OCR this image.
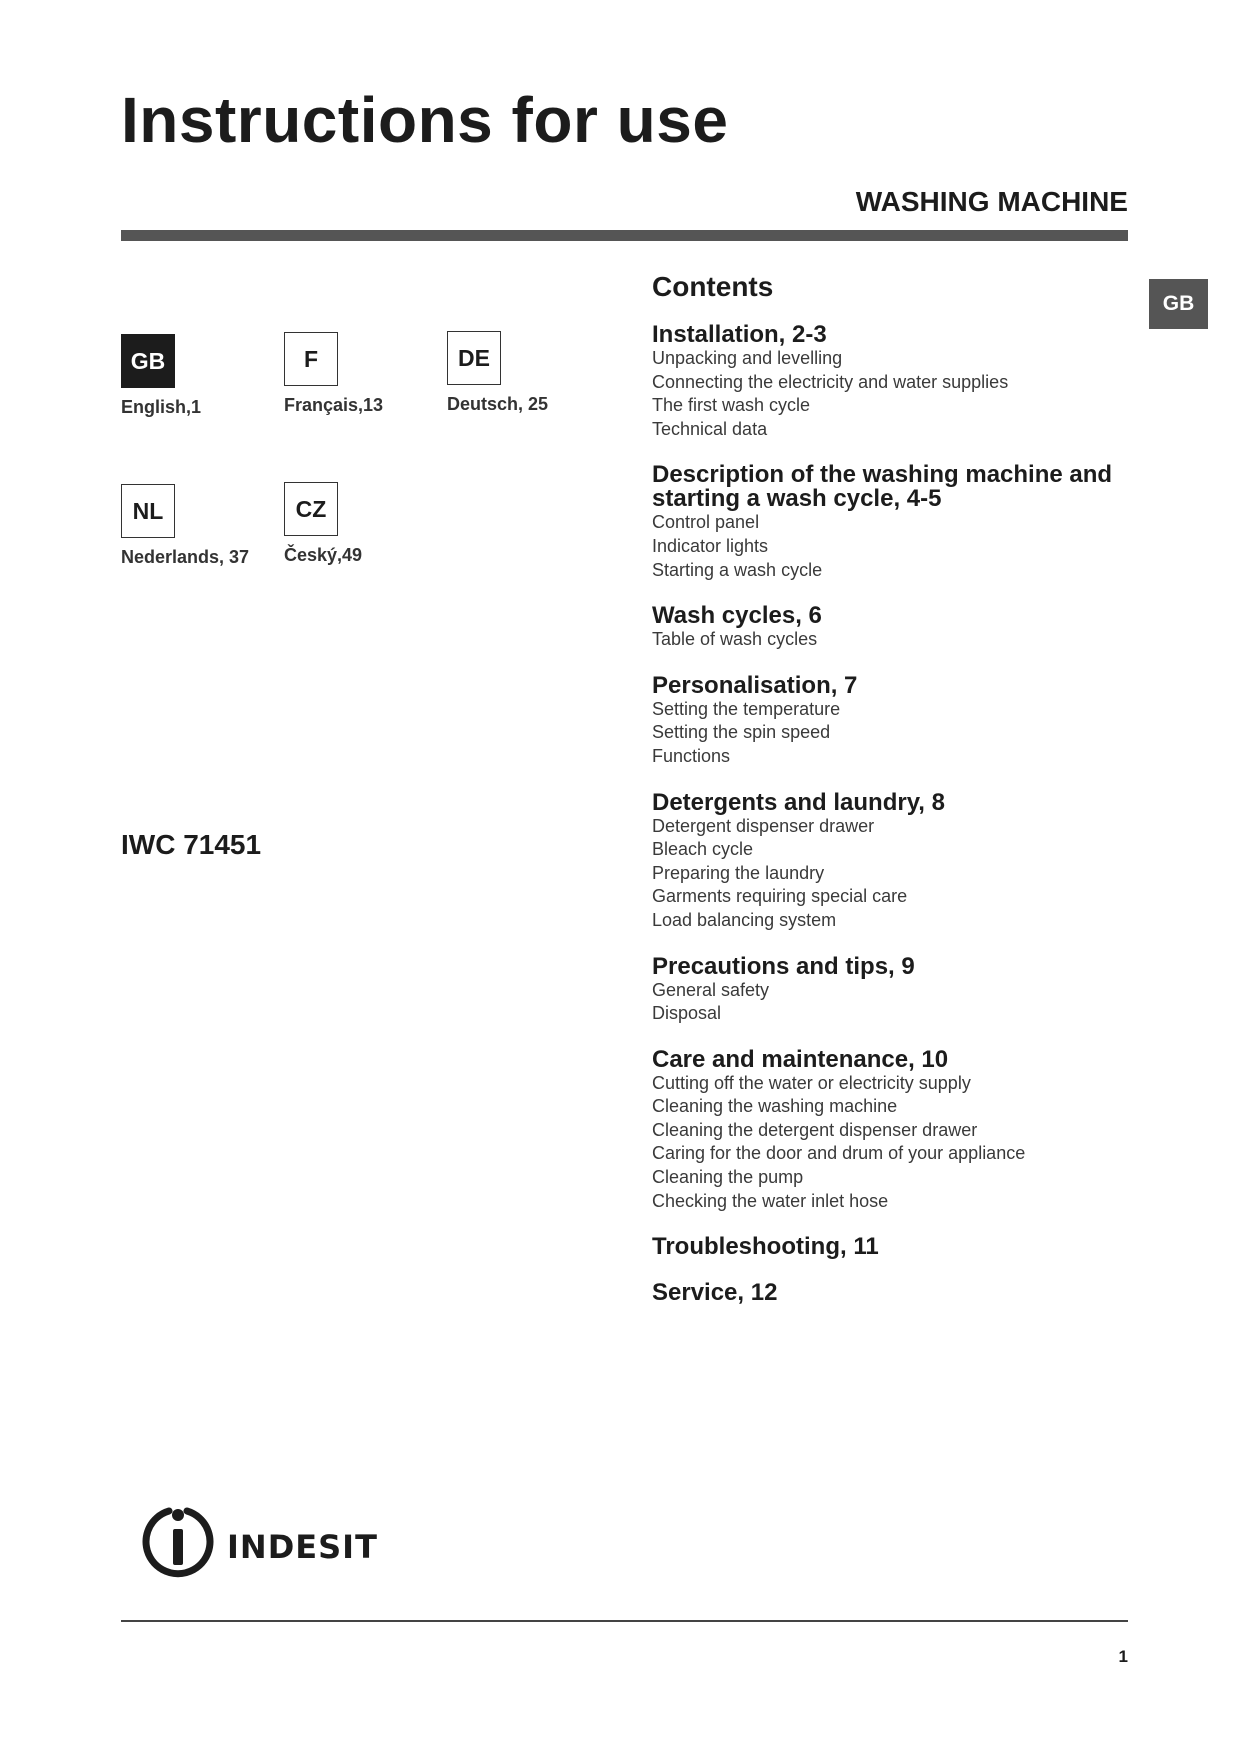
Instructions for use
WASHING MACHINE
GB
GB
English,1
F
Français,13
DE
Deutsch, 25
NL
Nederlands, 37
CZ
Český,49
IWC 71451
Contents
Installation, 2-3
Unpacking and levelling
Connecting the electricity and water supplies
The first wash cycle
Technical data
Description of the washing machine and starting a wash cycle, 4-5
Control panel
Indicator lights
Starting a wash cycle
Wash cycles, 6
Table of wash cycles
Personalisation, 7
Setting the temperature
Setting the spin speed
Functions
Detergents and laundry, 8
Detergent dispenser drawer
Bleach cycle
Preparing the laundry
Garments requiring special care
Load balancing system
Precautions and tips, 9
General safety
Disposal
Care and maintenance, 10
Cutting off the water or electricity supply
Cleaning the washing machine
Cleaning the detergent dispenser drawer
Caring for the door and drum of your appliance
Cleaning the pump
Checking the water inlet hose
Troubleshooting, 11
Service, 12
indesit
1
